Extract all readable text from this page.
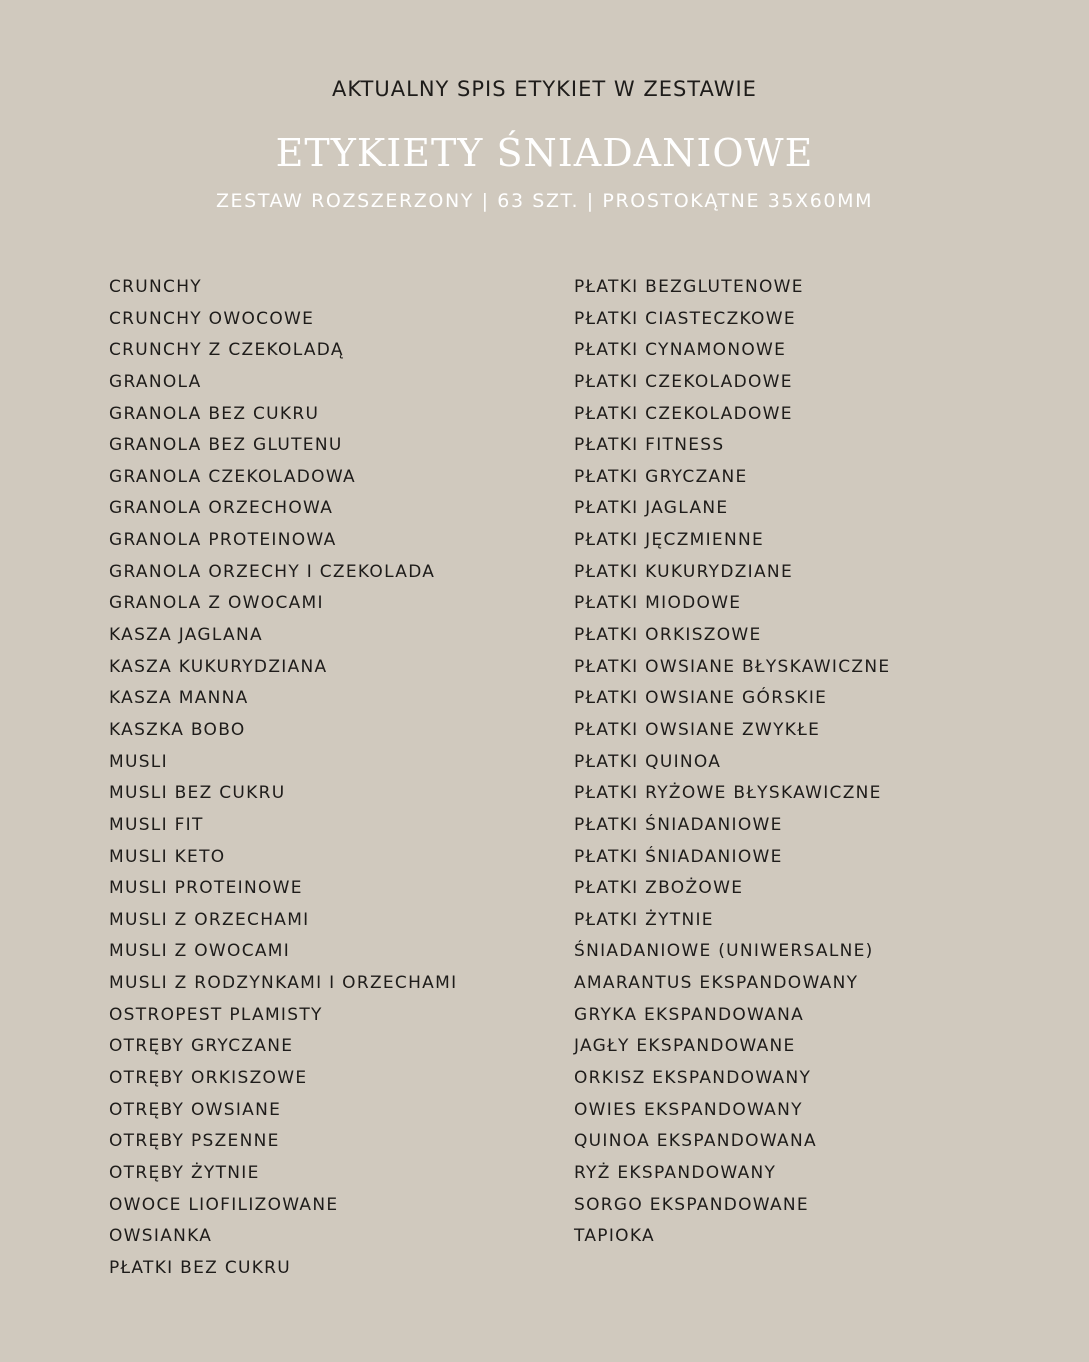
AKTUALNY SPIS ETYKIET W ZESTAWIE
ETYKIETY ŚNIADANIOWE
ZESTAW ROZSZERZONY | 63 SZT. | PROSTOKĄTNE 35X60MM
CRUNCHY
CRUNCHY OWOCOWE
CRUNCHY Z CZEKOLADĄ
GRANOLA
GRANOLA BEZ CUKRU
GRANOLA BEZ GLUTENU
GRANOLA CZEKOLADOWA
GRANOLA ORZECHOWA
GRANOLA PROTEINOWA
GRANOLA ORZECHY I CZEKOLADA
GRANOLA Z OWOCAMI
KASZA JAGLANA
KASZA KUKURYDZIANA
KASZA MANNA
KASZKA BOBO
MUSLI
MUSLI BEZ CUKRU
MUSLI FIT
MUSLI KETO
MUSLI PROTEINOWE
MUSLI Z ORZECHAMI
MUSLI Z OWOCAMI
MUSLI Z RODZYNKAMI I ORZECHAMI
OSTROPEST PLAMISTY
OTRĘBY GRYCZANE
OTRĘBY ORKISZOWE
OTRĘBY OWSIANE
OTRĘBY PSZENNE
OTRĘBY ŻYTNIE
OWOCE LIOFILIZOWANE
OWSIANKA
PŁATKI BEZ CUKRU
PŁATKI BEZGLUTENOWE
PŁATKI CIASTECZKOWE
PŁATKI CYNAMONOWE
PŁATKI CZEKOLADOWE
PŁATKI CZEKOLADOWE
PŁATKI FITNESS
PŁATKI GRYCZANE
PŁATKI JAGLANE
PŁATKI JĘCZMIENNE
PŁATKI KUKURYDZIANE
PŁATKI MIODOWE
PŁATKI ORKISZOWE
PŁATKI OWSIANE BŁYSKAWICZNE
PŁATKI OWSIANE GÓRSKIE
PŁATKI OWSIANE ZWYKŁE
PŁATKI QUINOA
PŁATKI RYŻOWE BŁYSKAWICZNE
PŁATKI ŚNIADANIOWE
PŁATKI ŚNIADANIOWE
PŁATKI ZBOŻOWE
PŁATKI ŻYTNIE
ŚNIADANIOWE (UNIWERSALNE)
AMARANTUS EKSPANDOWANY
GRYKA EKSPANDOWANA
JAGŁY EKSPANDOWANE
ORKISZ EKSPANDOWANY
OWIES EKSPANDOWANY
QUINOA EKSPANDOWANA
RYŻ EKSPANDOWANY
SORGO EKSPANDOWANE
TAPIOKA
